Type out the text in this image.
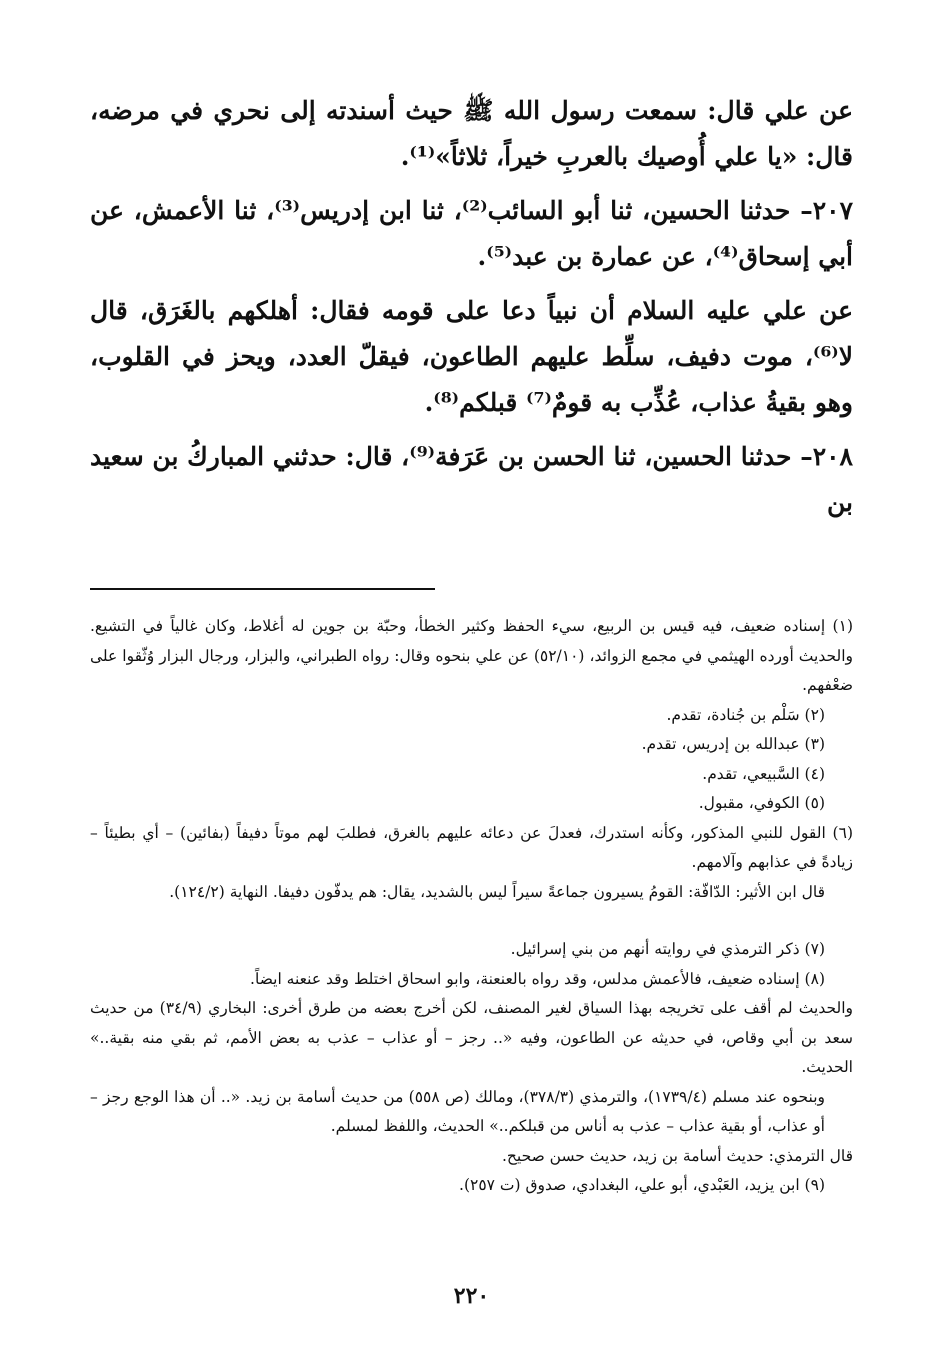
عن علي قال: سمعت رسول الله ﷺ حيث أسندته إلى نحري في مرضه، قال: «يا علي أُوصيك بالعربِ خيراً، ثلاثاً»⁽¹⁾.

٢٠٧– حدثنا الحسين، ثنا أبو السائب⁽²⁾، ثنا ابن إدريس⁽³⁾، ثنا الأعمش، عن أبي إسحاق⁽⁴⁾، عن عمارة بن عبد⁽⁵⁾.

عن علي عليه السلام أن نبياً دعا على قومه فقال: أهلكهم بالغَرَق، قال لا⁽⁶⁾، موت دفيف، سلِّط عليهم الطاعون، فيقلّ العدد، ويحز في القلوب، وهو بقيةُ عذاب، عُذِّب به قومٌ⁽⁷⁾ قبلكم⁽⁸⁾.

٢٠٨– حدثنا الحسين، ثنا الحسن بن عَرَفة⁽⁹⁾، قال: حدثني المباركُ بن سعيد بن

(١) إسناده ضعيف، فيه قيس بن الربيع، سيء الحفظ وكثير الخطأ، وحبّة بن جوين له أغلاط، وكان غالياً في التشيع. والحديث أورده الهيثمي في مجمع الزوائد، (٥٢/١٠) عن علي بنحوه وقال: رواه الطبراني، والبزار، ورجال البزار وُثّقوا على ضعْفهم.

(٢) سَلْم بن جُنادة، تقدم.

(٣) عبدالله بن إدريس، تقدم.

(٤) السَّبيعي، تقدم.

(٥) الكوفي، مقبول.

(٦) القول للنبي المذكور، وكأنه استدرك، فعدلَ عن دعائه عليهم بالغرق، فطلبَ لهم موتاً دفيفاً (بفائين) – أي بطيئاً – زيادةً في عذابهم وآلامهم.

قال ابن الأثير: الدّافّة: القومُ يسيرون جماعةً سيراً ليس بالشديد، يقال: هم يدفّون دفيفا. النهاية (١٢٤/٢).

(٧) ذكر الترمذي في روايته أنهم من بني إسرائيل.

(٨) إسناده ضعيف، فالأعمش مدلس، وقد رواه بالعنعنة، وابو اسحاق اختلط وقد عنعنه ايضاً.

والحديث لم أقف على تخريجه بهذا السياق لغير المصنف، لكن أخرج بعضه من طرق أخرى: البخاري (٣٤/٩) من حديث سعد بن أبي وقاص، في حديثه عن الطاعون، وفيه «.. رجز – أو عذاب – عذب به بعض الأمم، ثم بقي منه بقية..» الحديث.

وبنحوه عند مسلم (١٧٣٩/٤)، والترمذي (٣٧٨/٣)، ومالك (ص ٥٥٨) من حديث أسامة بن زيد. «.. أن هذا الوجع رجز – أو عذاب، أو بقية عذاب – عذب به أناس من قبلكم..» الحديث، واللفظ لمسلم.

قال الترمذي: حديث أسامة بن زيد، حديث حسن صحيح.

(٩) ابن يزيد، العَبْدي، أبو علي، البغدادي، صدوق (ت ٢٥٧).

٢٢٠
